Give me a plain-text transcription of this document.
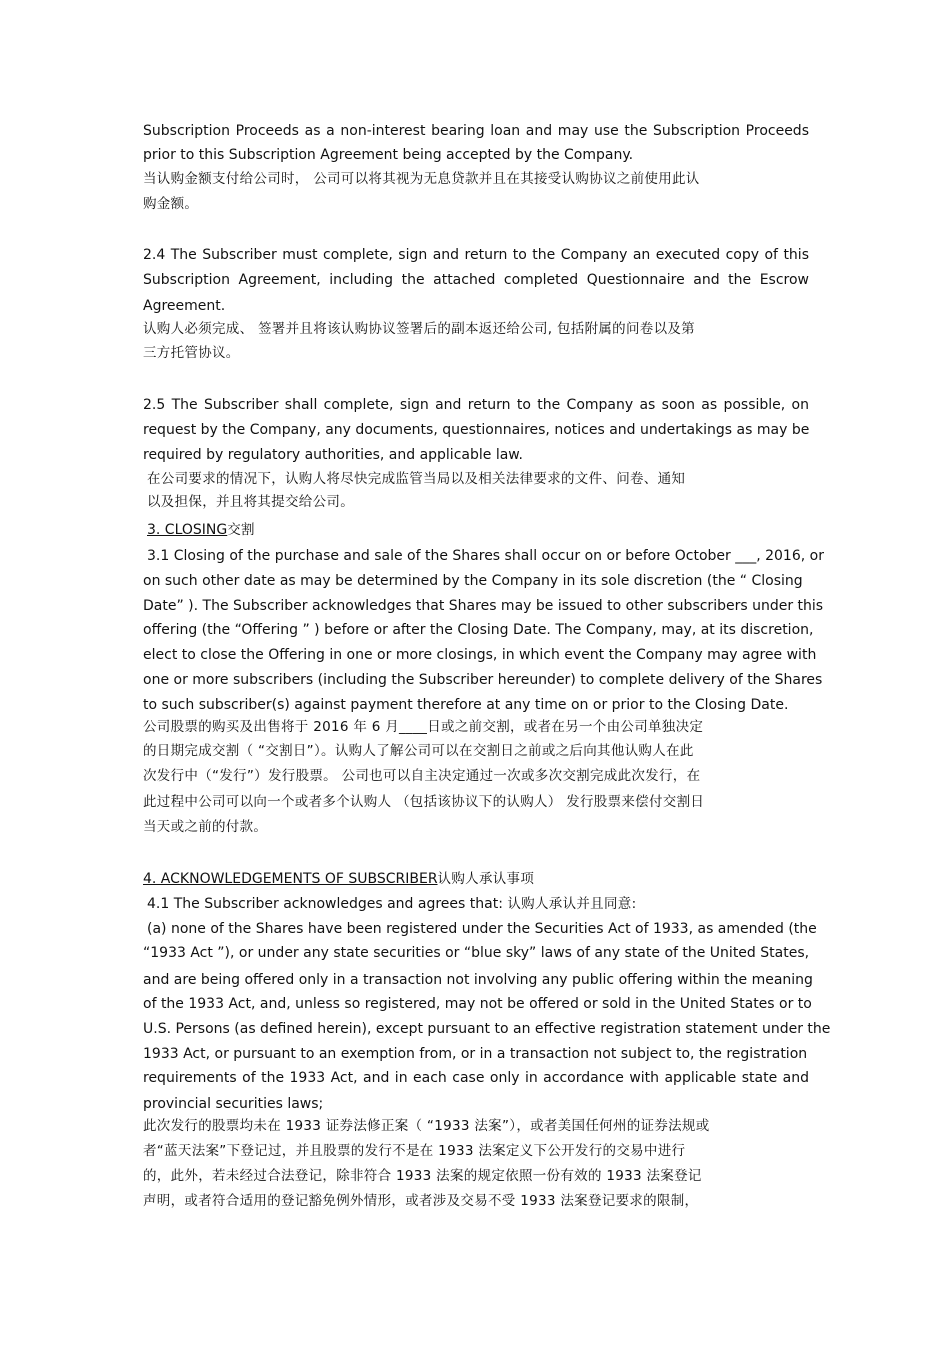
Subscription Proceeds as a non-interest bearing loan and may use the Subscription Proceeds
prior to this Subscription Agreement being accepted by the Company.
当认购金额支付给公司时， 公司可以将其视为无息贷款并且在其接受认购协议之前使用此认
购金额。
2.4 The Subscriber must complete, sign and return to the Company an executed copy of this
Subscription Agreement, including the attached completed Questionnaire and the Escrow
Agreement.
认购人必须完成、 签署并且将该认购协议签署后的副本返还给公司, 包括附属的问卷以及第
三方托管协议。
2.5 The Subscriber shall complete, sign and return to the Company as soon as possible, on
request by the Company, any documents, questionnaires, notices and undertakings as may be
required by regulatory authorities, and applicable law.
在公司要求的情况下，认购人将尽快完成监管当局以及相关法律要求的文件、问卷、通知
以及担保，并且将其提交给公司。
3. CLOSING交割
3.1 Closing of the purchase and sale of the Shares shall occur on or before October ___, 2016, or
on such other date as may be determined by the Company in its sole discretion (the “ Closing
Date” ). The Subscriber acknowledges that Shares may be issued to other subscribers under this
offering (the “Offering ” ) before or after the Closing Date. The Company, may, at its discretion,
elect to close the Offering in one or more closings, in which event the Company may agree with
one or more subscribers (including the Subscriber hereunder) to complete delivery of the Shares
to such subscriber(s) against payment therefore at any time on or prior to the Closing Date.
公司股票的购买及出售将于 2016 年 6 月____日或之前交割，或者在另一个由公司单独决定
的日期完成交割（ “交割日”）。认购人了解公司可以在交割日之前或之后向其他认购人在此
次发行中（“发行”）发行股票。 公司也可以自主决定通过一次或多次交割完成此次发行，在
此过程中公司可以向一个或者多个认购人 （包括该协议下的认购人） 发行股票来偿付交割日
当天或之前的付款。
4. ACKNOWLEDGEMENTS OF SUBSCRIBER认购人承认事项
4.1 The Subscriber acknowledges and agrees that: 认购人承认并且同意:
(a) none of the Shares have been registered under the Securities Act of 1933, as amended (the
“1933 Act ”), or under any state securities or “blue sky” laws of any state of the United States,
and are being offered only in a transaction not involving any public offering within the meaning
of the 1933 Act, and, unless so registered, may not be offered or sold in the United States or to
U.S. Persons (as defined herein), except pursuant to an effective registration statement under the
1933 Act, or pursuant to an exemption from, or in a transaction not subject to, the registration
requirements of the 1933 Act, and in each case only in accordance with applicable state and
provincial securities laws;
此次发行的股票均未在 1933 证券法修正案（ “1933 法案”），或者美国任何州的证券法规或
者“蓝天法案”下登记过，并且股票的发行不是在 1933 法案定义下公开发行的交易中进行
的，此外，若未经过合法登记，除非符合 1933 法案的规定依照一份有效的 1933 法案登记
声明，或者符合适用的登记豁免例外情形，或者涉及交易不受 1933 法案登记要求的限制，
